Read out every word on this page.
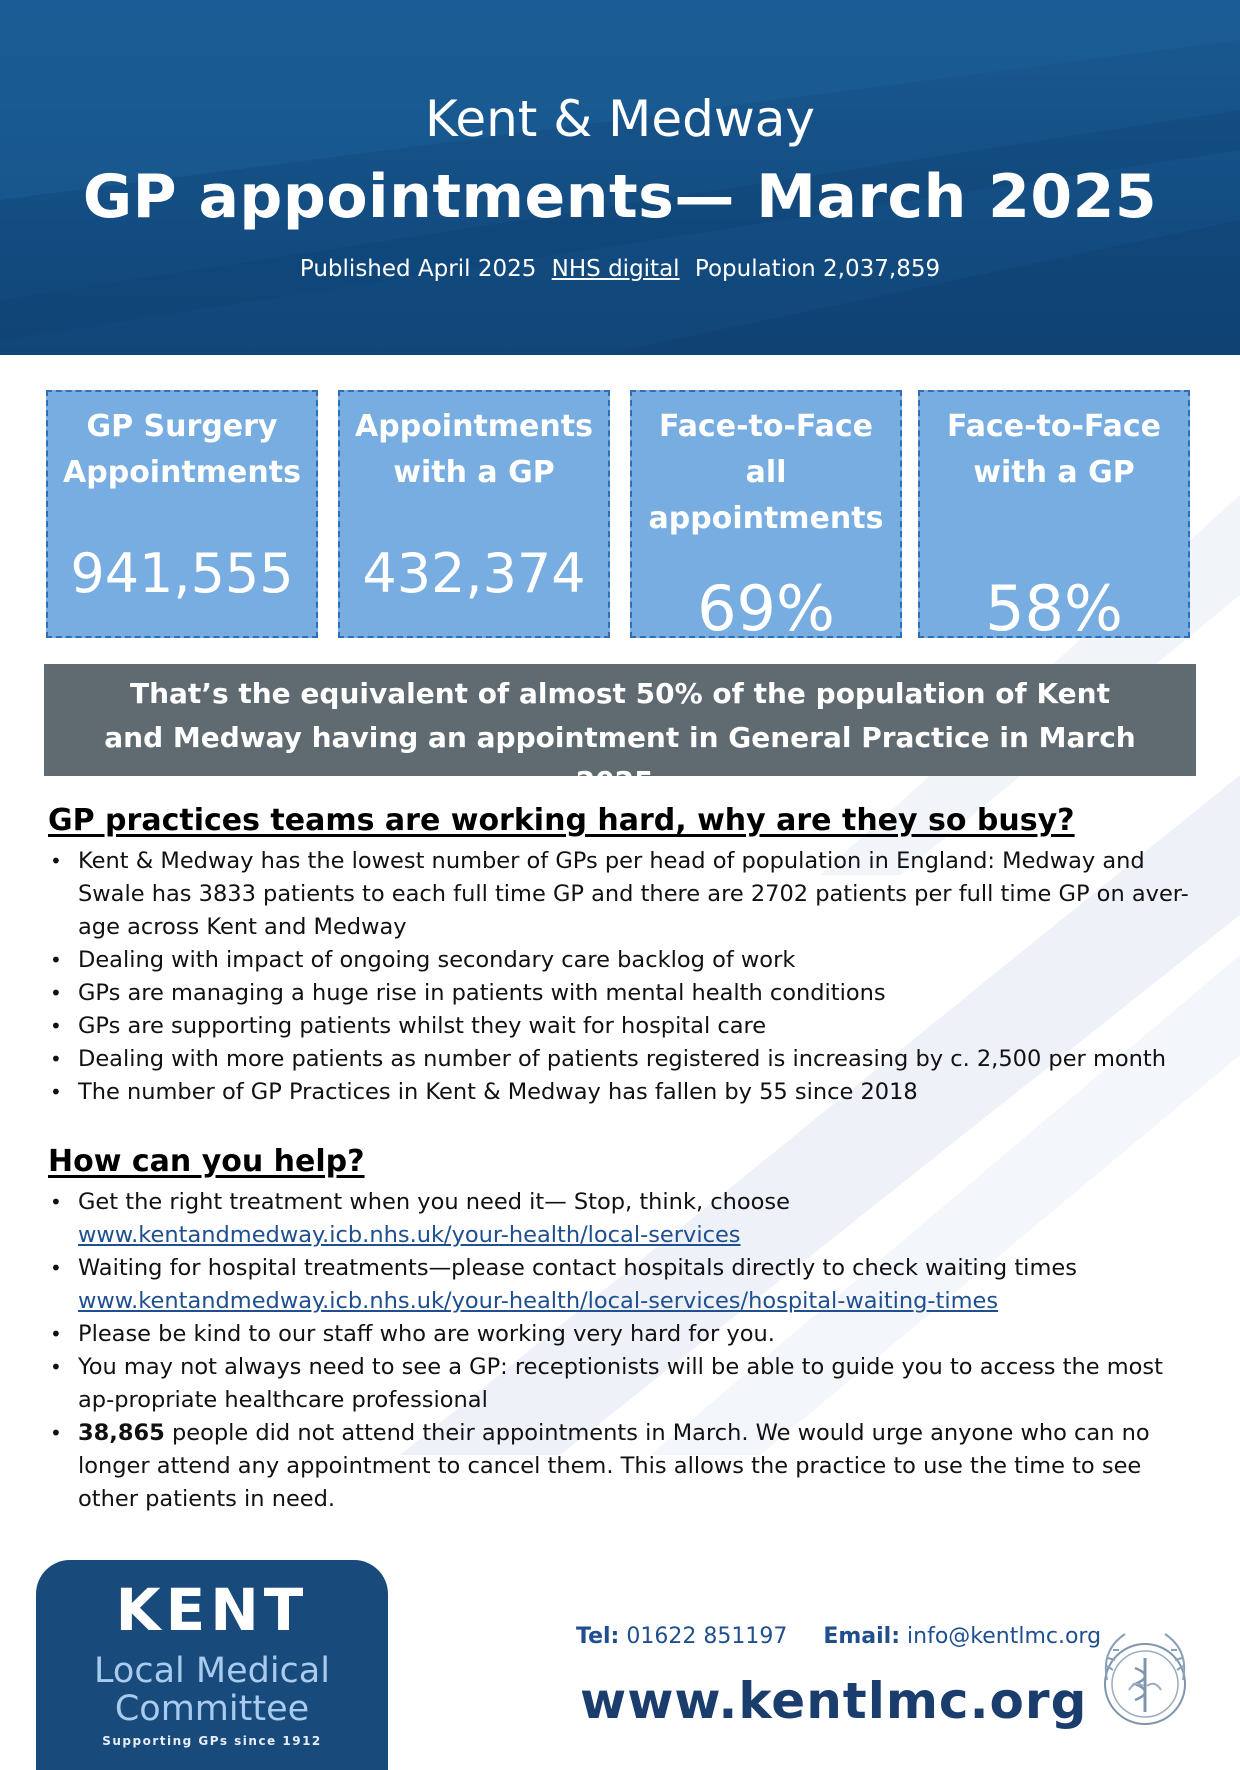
Kent & Medway
GP appointments— March 2025
Published April 2025 NHS digital Population 2,037,859
GP Surgery Appointments
941,555
Appointments with a GP
432,374
Face-to-Face all appointments
69%
Face-to-Face with a GP
58%
That’s the equivalent of almost 50% of the population of Kent and Medway having an appointment in General Practice in March 2025.
GP practices teams are working hard, why are they so busy?
• Kent & Medway has the lowest number of GPs per head of population in England: Medway and Swale has 3833 patients to each full time GP and there are 2702 patients per full time GP on aver-age across Kent and Medway
• Dealing with impact of ongoing secondary care backlog of work
• GPs are managing a huge rise in patients with mental health conditions
• GPs are supporting patients whilst they wait for hospital care
• Dealing with more patients as number of patients registered is increasing by c. 2,500 per month
• The number of GP Practices in Kent & Medway has fallen by 55 since 2018
How can you help?
• Get the right treatment when you need it— Stop, think, choose www.kentandmedway.icb.nhs.uk/your-health/local-services
• Waiting for hospital treatments—please contact hospitals directly to check waiting times www.kentandmedway.icb.nhs.uk/your-health/local-services/hospital-waiting-times
• Please be kind to our staff who are working very hard for you.
• You may not always need to see a GP: receptionists will be able to guide you to access the most ap-propriate healthcare professional
• 38,865 people did not attend their appointments in March. We would urge anyone who can no longer attend any appointment to cancel them. This allows the practice to use the time to see other patients in need.
KENT
Local Medical
Committee
Supporting GPs since 1912
Tel: 01622 851197 Email: info@kentlmc.org
www.kentlmc.org
